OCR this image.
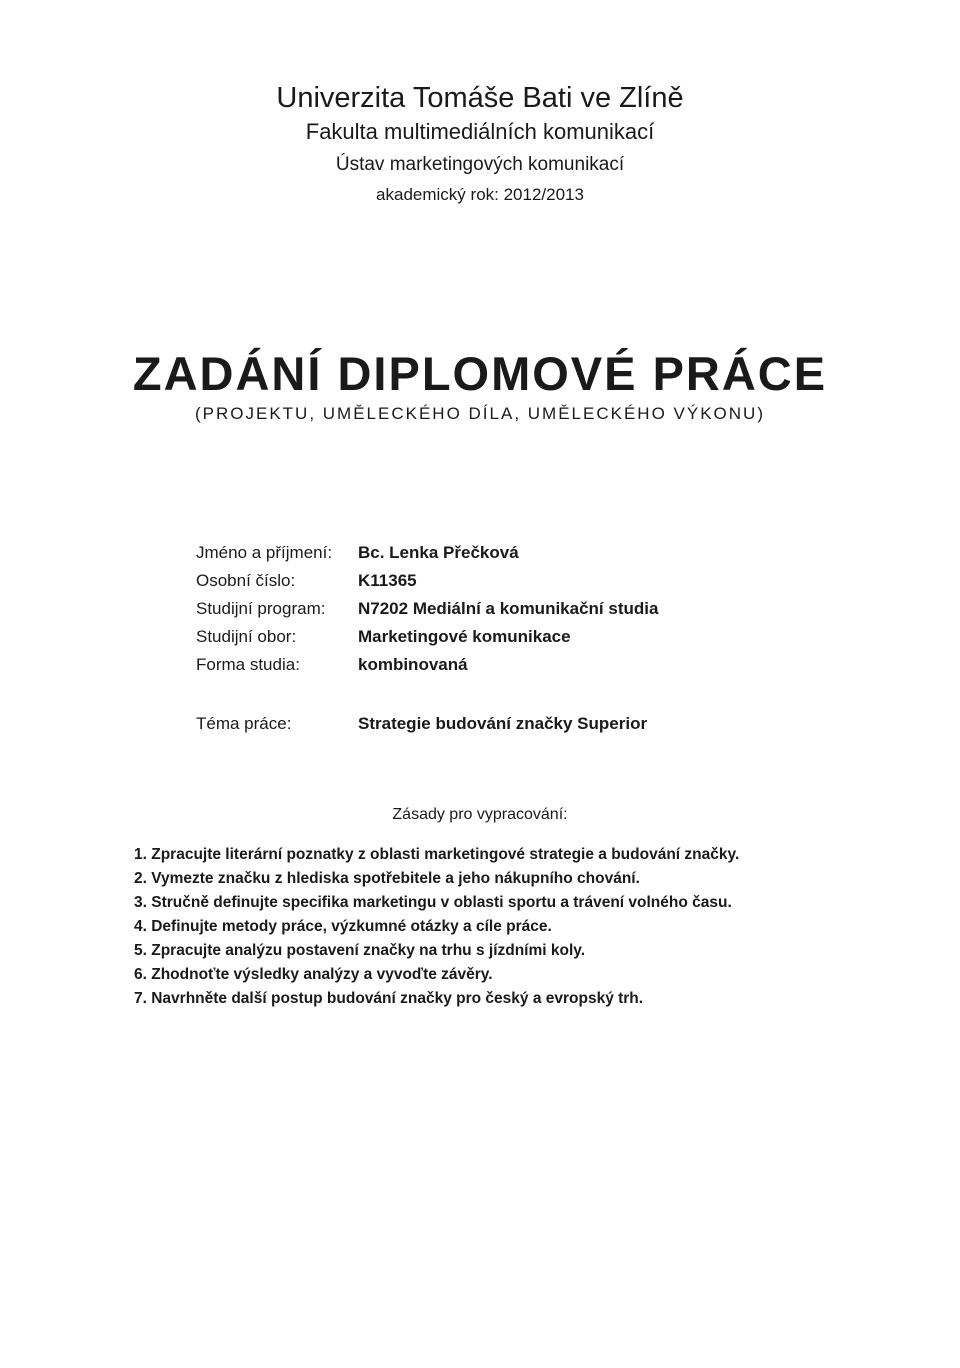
Univerzita Tomáše Bati ve Zlíně
Fakulta multimediálních komunikací
Ústav marketingových komunikací
akademický rok: 2012/2013
ZADÁNÍ DIPLOMOVÉ PRÁCE
(PROJEKTU, UMĚLECKÉHO DÍLA, UMĚLECKÉHO VÝKONU)
Jméno a příjmení: Bc. Lenka Přečková
Osobní číslo:	K11365
Studijní program: N7202 Mediální a komunikační studia
Studijní obor:	Marketingové komunikace
Forma studia:	kombinovaná
Téma práce:	Strategie budování značky Superior
Zásady pro vypracování:
1. Zpracujte literární poznatky z oblasti marketingové strategie a budování značky.
2. Vymezte značku z hlediska spotřebitele a jeho nákupního chování.
3. Stručně definujte specifika marketingu v oblasti sportu a trávení volného času.
4. Definujte metody práce, výzkumné otázky a cíle práce.
5. Zpracujte analýzu postavení značky na trhu s jízdními koly.
6. Zhodnoťte výsledky analýzy a vyvoďte závěry.
7. Navrhněte další postup budování značky pro český a evropský trh.
